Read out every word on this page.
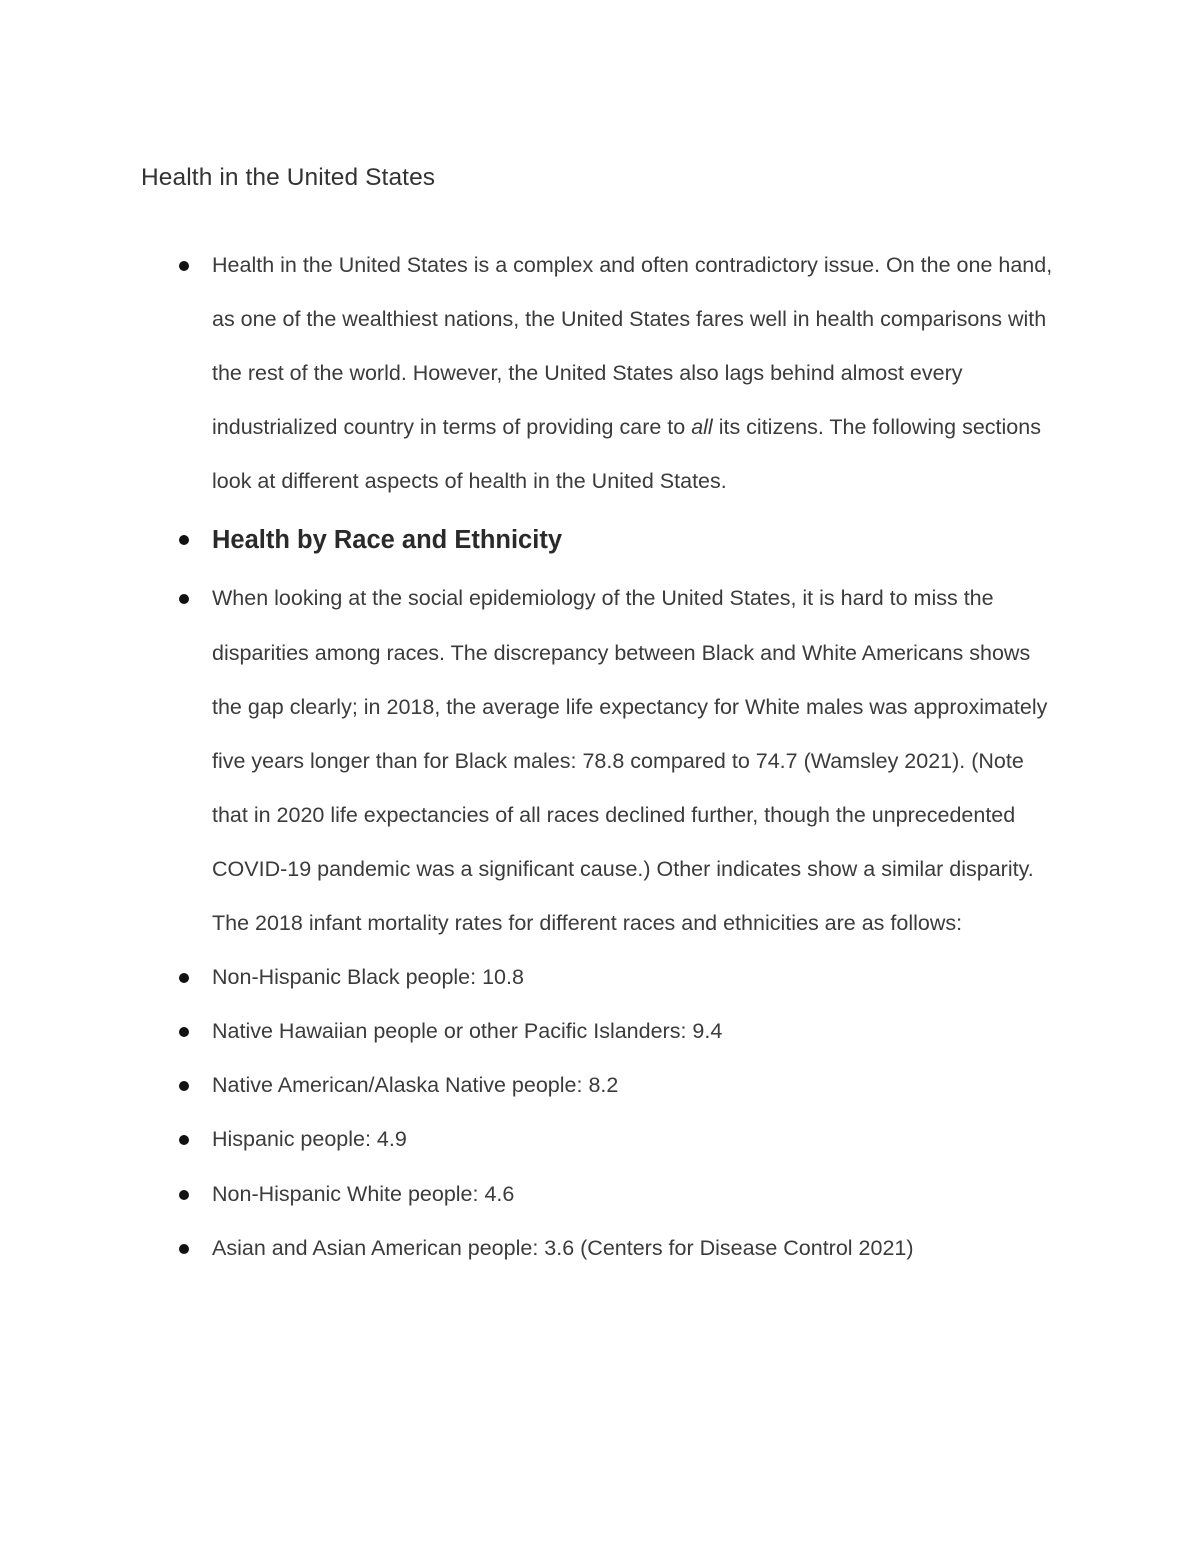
Health in the United States
Health in the United States is a complex and often contradictory issue. On the one hand, as one of the wealthiest nations, the United States fares well in health comparisons with the rest of the world. However, the United States also lags behind almost every industrialized country in terms of providing care to all its citizens. The following sections look at different aspects of health in the United States.
Health by Race and Ethnicity
When looking at the social epidemiology of the United States, it is hard to miss the disparities among races. The discrepancy between Black and White Americans shows the gap clearly; in 2018, the average life expectancy for White males was approximately five years longer than for Black males: 78.8 compared to 74.7 (Wamsley 2021). (Note that in 2020 life expectancies of all races declined further, though the unprecedented COVID-19 pandemic was a significant cause.) Other indicates show a similar disparity. The 2018 infant mortality rates for different races and ethnicities are as follows:
Non-Hispanic Black people: 10.8
Native Hawaiian people or other Pacific Islanders: 9.4
Native American/Alaska Native people: 8.2
Hispanic people: 4.9
Non-Hispanic White people: 4.6
Asian and Asian American people: 3.6 (Centers for Disease Control 2021)
